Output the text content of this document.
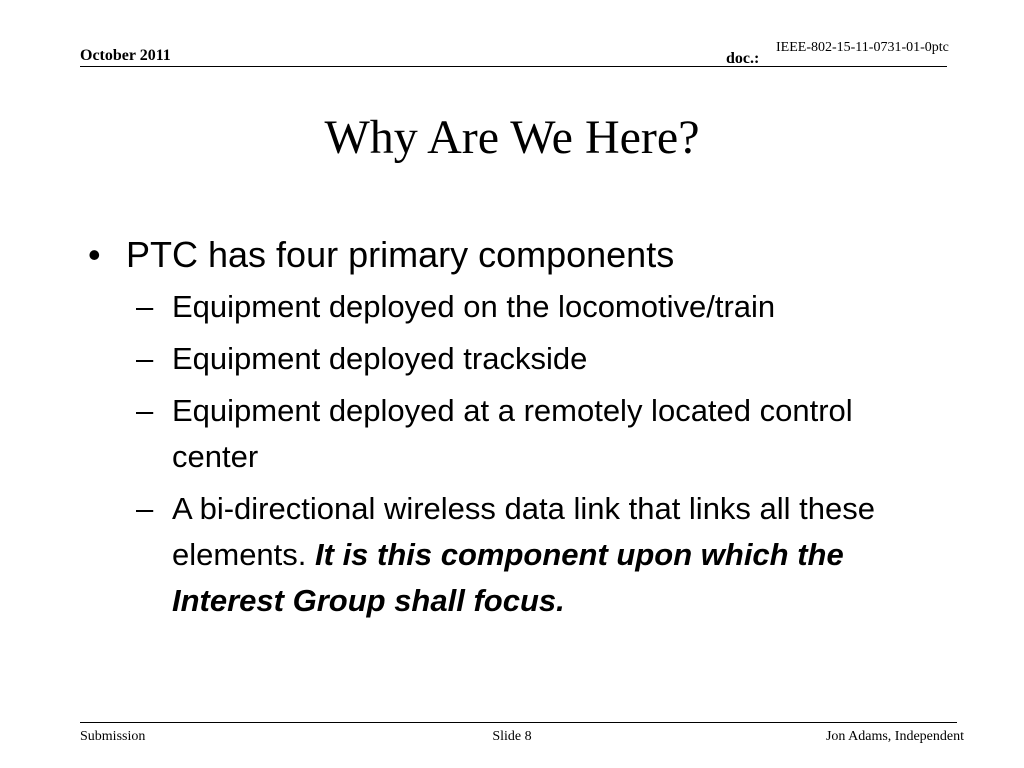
October 2011	doc.:
IEEE-802-15-11-0731-01-0ptc
Why Are We Here?
• PTC has four primary components
– Equipment deployed on the locomotive/train
– Equipment deployed trackside
– Equipment deployed at a remotely located control center
– A bi-directional wireless data link that links all these elements. It is this component upon which the Interest Group shall focus.
Submission	Slide 8	Jon Adams, Independent
